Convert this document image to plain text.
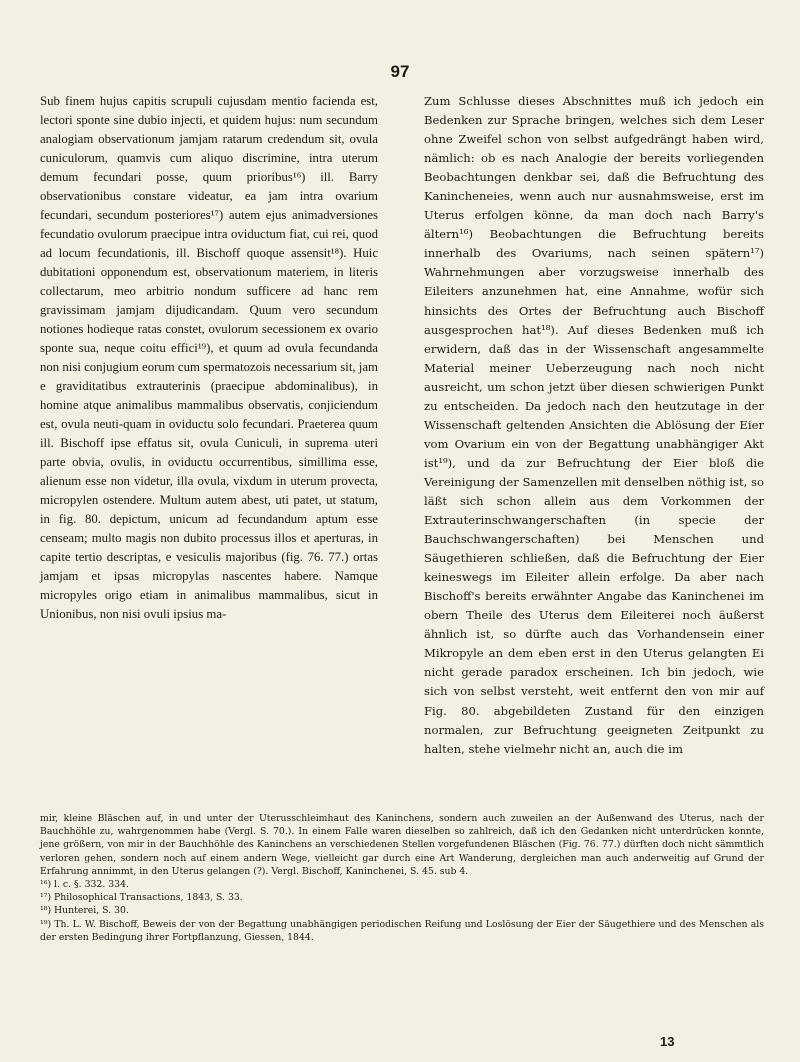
97
Sub finem hujus capitis scrupuli cujusdam mentio facienda est, lectori sponte sine dubio injecti, et quidem hujus: num secundum analogiam observationum jamjam ratarum credendum sit, ovula cuniculorum, quamvis cum aliquo discrimine, intra uterum demum fecundari posse, quum prioribus¹⁶) ill. Barry observationibus constare videatur, ea jam intra ovarium fecundari, secundum posteriores¹⁷) autem ejus animadversiones fecundatio ovulorum praecipue intra oviductum fiat, cui rei, quod ad locum fecundationis, ill. Bischoff quoque assensit¹⁸). Huic dubitationi opponendum est, observationum materiem, in literis collectarum, meo arbitrio nondum sufficere ad hanc rem gravissimam jamjam dijudicandam. Quum vero secundum notiones hodieque ratas constet, ovulorum secessionem ex ovario sponte sua, neque coitu effici¹⁹), et quum ad ovula fecundanda non nisi conjugium eorum cum spermatozois necessarium sit, jam e graviditatibus extrauterinis (praecipue abdominalibus), in homine atque animalibus mammalibus observatis, conjiciendum est, ovula neuti-quam in oviductu solo fecundari. Praeterea quum ill. Bischoff ipse effatus sit, ovula Cuniculi, in suprema uteri parte obvia, ovulis, in oviductu occurrentibus, simillima esse, alienum esse non videtur, illa ovula, vixdum in uterum provecta, micropylen ostendere. Multum autem abest, uti patet, ut statum, in fig. 80. depictum, unicum ad fecundandum aptum esse censeam; multo magis non dubito processus illos et aperturas, in capite tertio descriptas, e vesiculis majoribus (fig. 76. 77.) ortas jamjam et ipsas micropylas nascentes habere. Namque micropyles origo etiam in animalibus mammalibus, sicut in Unionibus, non nisi ovuli ipsius ma-
Zum Schlusse dieses Abschnittes muß ich jedoch ein Bedenken zur Sprache bringen, welches sich dem Leser ohne Zweifel schon von selbst aufgedrängt haben wird, nämlich: ob es nach Analogie der bereits vorliegenden Beobachtungen denkbar sei, daß die Befruchtung des Kanincheneies, wenn auch nur ausnahmsweise, erst im Uterus erfolgen könne, da man doch nach Barry's ältern¹⁶) Beobachtungen die Befruchtung bereits innerhalb des Ovariums, nach seinen spätern¹⁷) Wahrnehmungen aber vorzugsweise innerhalb des Eileiters anzunehmen hat, eine Annahme, wofür sich hinsichts des Ortes der Befruchtung auch Bischoff ausgesprochen hat¹⁸). Auf dieses Bedenken muß ich erwidern, daß das in der Wissenschaft angesammelte Material meiner Ueberzeugung nach noch nicht ausreicht, um schon jetzt über diesen schwierigen Punkt zu entscheiden. Da jedoch nach den heutzutage in der Wissenschaft geltenden Ansichten die Ablösung der Eier vom Ovarium ein von der Begattung unabhängiger Akt ist¹⁹), und da zur Befruchtung der Eier bloß die Vereinigung der Samenzellen mit denselben nöthig ist, so läßt sich schon allein aus dem Vorkommen der Extrauterinschwangerschaften (in specie der Bauchschwangerschaften) bei Menschen und Säugethieren schließen, daß die Befruchtung der Eier keineswegs im Eileiter allein erfolge. Da aber nach Bischoff's bereits erwähnter Angabe das Kaninchenei im obern Theile des Uterus dem Eileiterei noch äußerst ähnlich ist, so dürfte auch das Vorhandensein einer Mikropyle an dem eben erst in den Uterus gelangten Ei nicht gerade paradox erscheinen. Ich bin jedoch, wie sich von selbst versteht, weit entfernt den von mir auf Fig. 80. abgebildeten Zustand für den einzigen normalen, zur Befruchtung geeigneten Zeitpunkt zu halten, stehe vielmehr nicht an, auch die im

mir, kleine Bläschen auf, in und unter der Uterusschleimhaut des Kaninchens, sondern auch zuweilen an der Außenwand des Uterus, nach der Bauchhöhle zu, wahrgenommen habe (Vergl. S. 70.). In einem Falle waren dieselben so zahlreich, daß ich den Gedanken nicht unterdrücken konnte, jene größern, von mir in der Bauchhöhle des Kaninchens an verschiedenen Stellen vorgefundenen Bläschen (Fig. 76. 77.) dürften doch nicht sämmtlich verloren gehen, sondern noch auf einem andern Wege, vielleicht gar durch eine Art Wanderung, dergleichen man auch anderweitig auf Grund der Erfahrung annimmt, in den Uterus gelangen (?). Vergl. Bischoff, Kaninchenei, S. 45. sub 4.

¹⁶) l. c. §. 332. 334.

¹⁷) Philosophical Transactions, 1843, S. 33.

¹⁸) Hunterei, S. 30.

¹⁹) Th. L. W. Bischoff, Beweis der von der Begattung unabhängigen periodischen Reifung und Loslösung der Eier der Säugethiere und des Menschen als der ersten Bedingung ihrer Fortpflanzung, Giessen, 1844.

13
